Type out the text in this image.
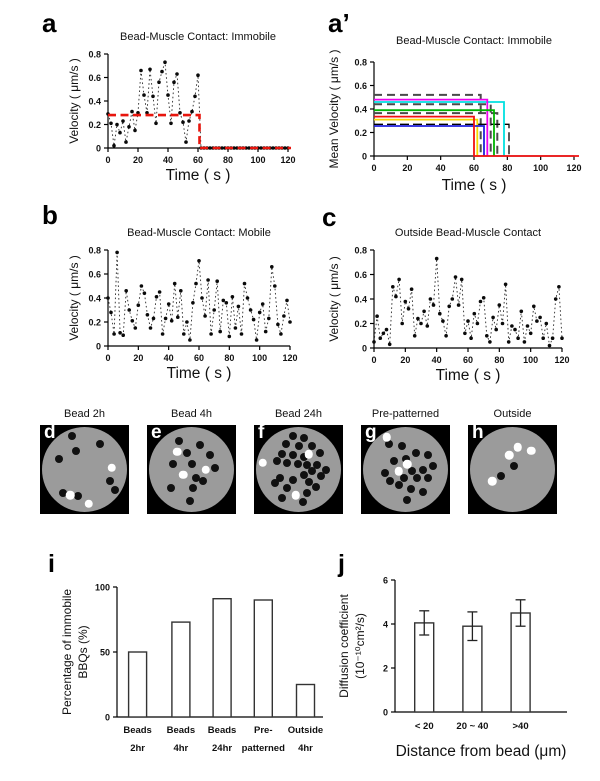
a	a’
b	c
i	j
0
0.2
0.4
0.6
0.8
0 20 40 60 80 100 120
Bead-Muscle Contact: Immobile
Time ( s )
Velocity ( μm/s )
0
0.2
0.4
0.6
0.8
0	20	40	60	80 100 120
Bead-Muscle Contact: Immobile
Time ( s )
Mean Velocity ( μm/s )
0
0.2
0.4
0.6
0.8
0	20 40 60 80 100 120
Bead-Muscle Contact: Mobile
Time ( s )
Velocity ( μm/s )
0
0.2
0.4
0.6
0.8
0	20 40 60 80 100 120
Outside Bead-Muscle Contact
Time ( s )
Velocity ( μm/s )
0
50
100
Percentage of immobile BBQs (%)
Beads
2hr
Beads
4hr
Beads
24hr
Pre-
patterned
Outside
4hr
0
2
4
6
Distance from bead (μm)
Diffusion coefficient (10⁻¹⁰cm²/s)
< 20 20 ~ 40	>40
Bead 2h
d
Bead 4h
e
Bead 24h
f
Pre-patterned
g
Outside
h
